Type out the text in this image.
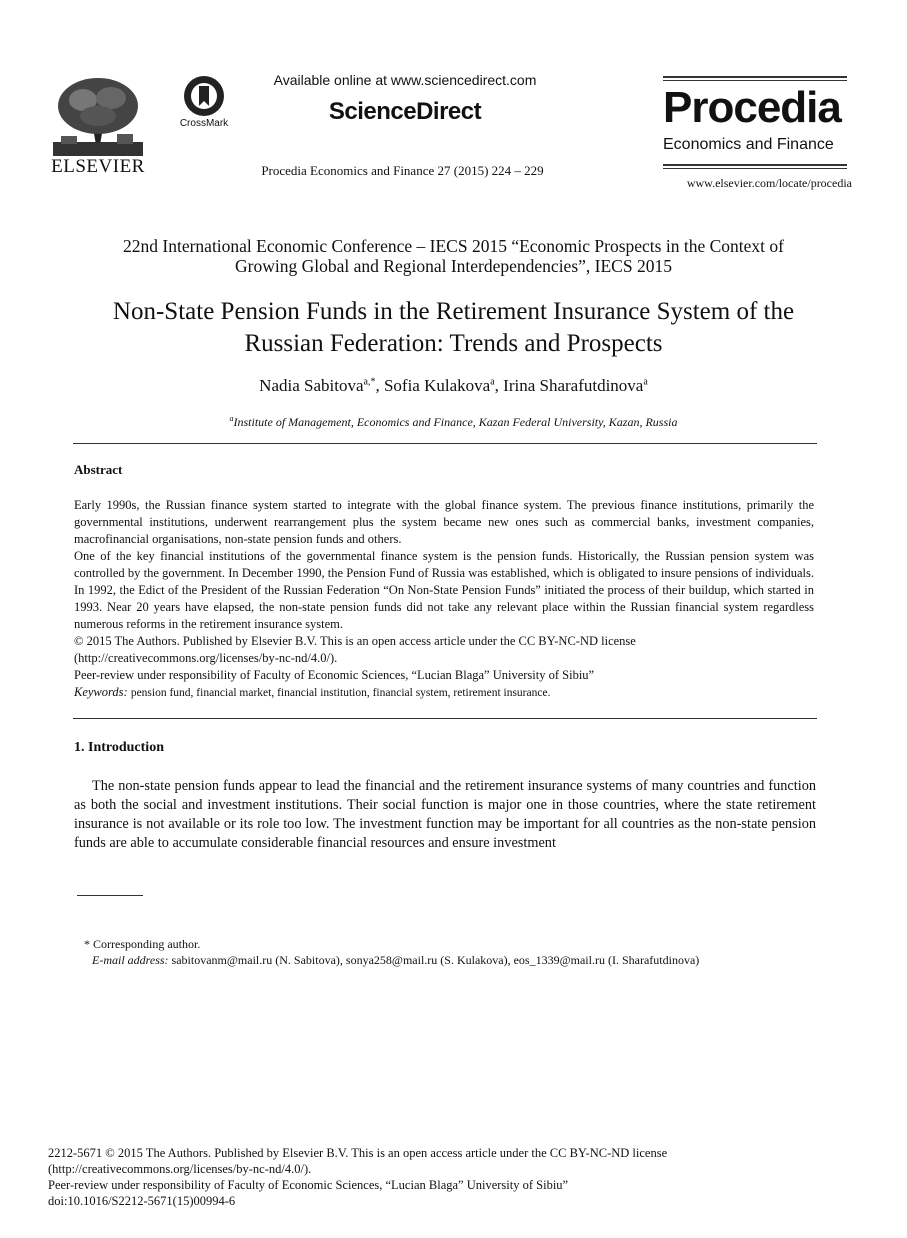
ELSEVIER
CrossMark
Available online at www.sciencedirect.com
ScienceDirect
Procedia Economics and Finance 27 (2015) 224 – 229
Procedia
Economics and Finance
www.elsevier.com/locate/procedia
22nd International Economic Conference – IECS 2015 “Economic Prospects in the Context of
Growing Global and Regional Interdependencies”, IECS 2015
Non-State Pension Funds in the Retirement Insurance System of the
Russian Federation: Trends and Prospects
Nadia Sabitova$^{a,*}$, Sofia Kulakova$^a$, Irina Sharafutdinova$^a$
$^a$Institute of Management, Economics and Finance, Kazan Federal University, Kazan, Russia
Abstract

Early 1990s, the Russian finance system started to integrate with the global finance system. The previous finance institutions, primarily the governmental institutions, underwent rearrangement plus the system became new ones such as commercial banks, investment companies, macrofinancial organisations, non-state pension funds and others.

One of the key financial institutions of the governmental finance system is the pension funds. Historically, the Russian pension system was controlled by the government. In December 1990, the Pension Fund of Russia was established, which is obligated to insure pensions of individuals. In 1992, the Edict of the President of the Russian Federation “On Non-State Pension Funds” initiated the process of their buildup, which started in 1993. Near 20 years have elapsed, the non-state pension funds did not take any relevant place within the Russian financial system regardless numerous reforms in the retirement insurance system.

© 2015 The Authors. Published by Elsevier B.V. This is an open access article under the CC BY-NC-ND license

(http://creativecommons.org/licenses/by-nc-nd/4.0/).

Peer-review under responsibility of Faculty of Economic Sciences, “Lucian Blaga” University of Sibiu”

Keywords: pension fund, financial market, financial institution, financial system, retirement insurance.

1. Introduction
The non-state pension funds appear to lead the financial and the retirement insurance systems of many countries and function as both the social and investment institutions. Their social function is major one in those countries, where the state retirement insurance is not available or its role too low. The investment function may be important for all countries as the non-state pension funds are able to accumulate considerable financial resources and ensure investment
* Corresponding author.
E-mail address: sabitovanm@mail.ru (N. Sabitova), sonya258@mail.ru (S. Kulakova), eos_1339@mail.ru (I. Sharafutdinova)

2212-5671 © 2015 The Authors. Published by Elsevier B.V. This is an open access article under the CC BY-NC-ND license

(http://creativecommons.org/licenses/by-nc-nd/4.0/).

Peer-review under responsibility of Faculty of Economic Sciences, “Lucian Blaga” University of Sibiu”

doi:10.1016/S2212-5671(15)00994-6
